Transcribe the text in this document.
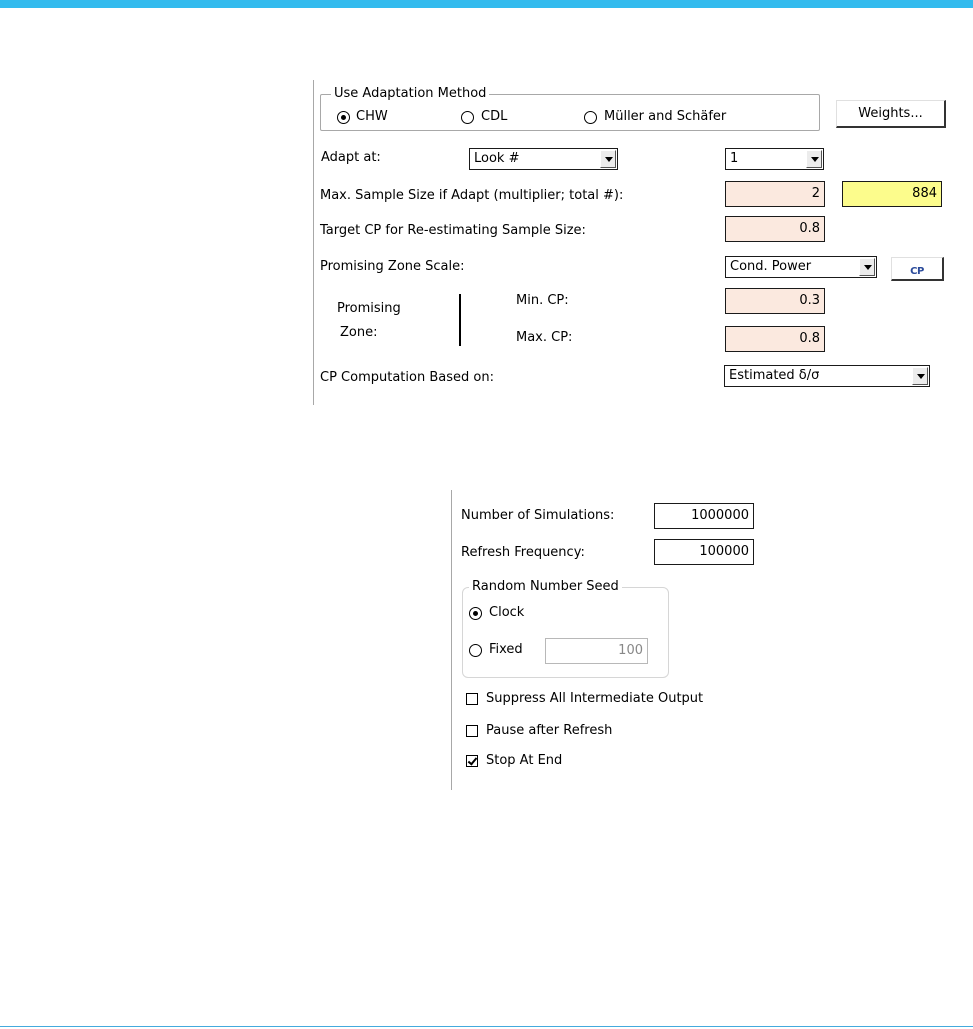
Use Adaptation Method
CHW	CDL	Müller and Schäfer	Weights...
Adapt at:	Look #	1
Max. Sample Size if Adapt (multiplier; total #):	2	884
Target CP for Re-estimating Sample Size:	0.8
Promising Zone Scale:	Cond. Power	CP
Promising
Zone:
Min. CP:	0.3
Max. CP:	0.8
CP Computation Based on:	Estimated δ/σ
Number of Simulations:	1000000
Refresh Frequency:	100000
Random Number Seed
Clock
Fixed	100
Suppress All Intermediate Output
Pause after Refresh
Stop At End
